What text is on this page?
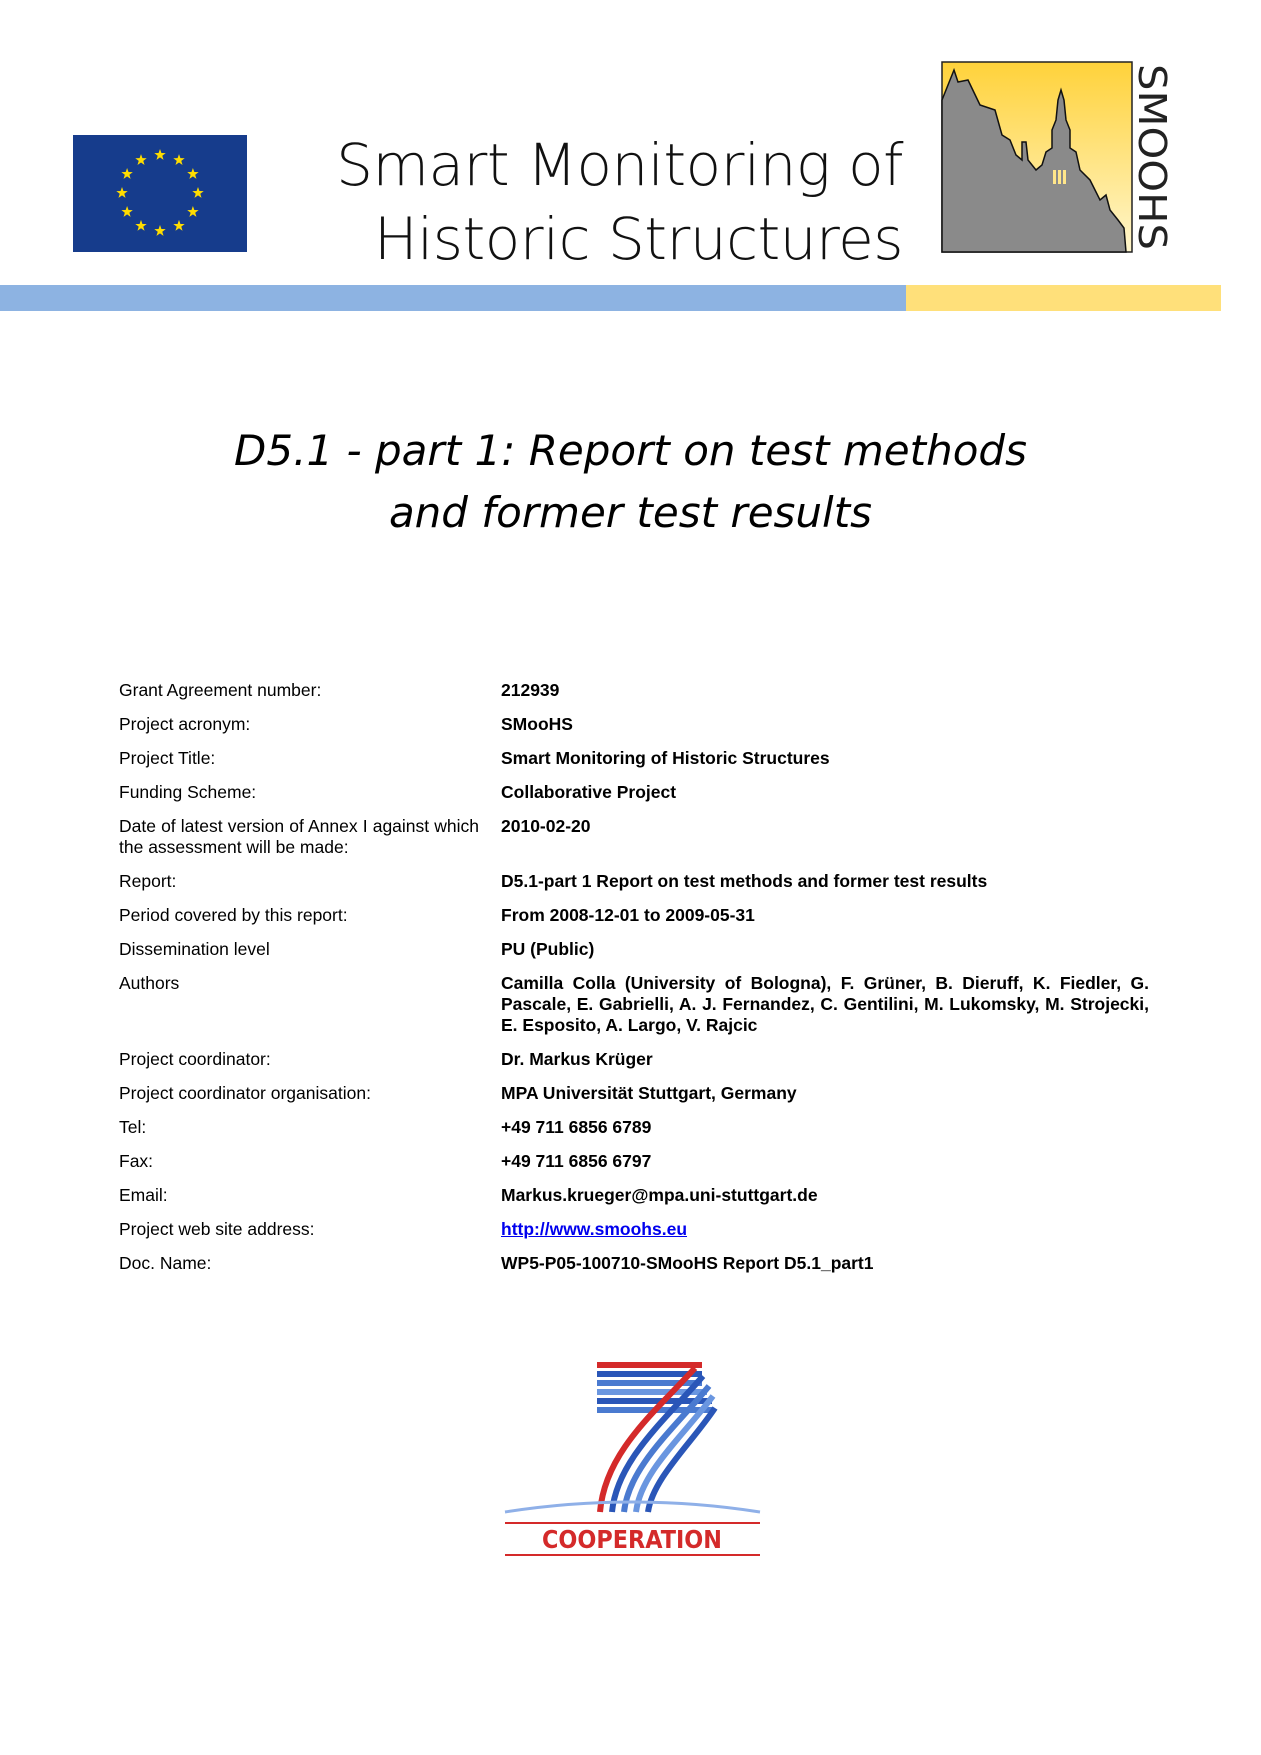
Smart Monitoring of
Historic Structures
SMOOHS
D5.1 - part 1: Report on test methods
and former test results
Grant Agreement number:	212939
Project acronym:	SMooHS
Project Title:	Smart Monitoring of Historic Structures
Funding Scheme:	Collaborative Project
Date of latest version of Annex I against which the assessment will be made:	2010-02-20
Report:	D5.1-part 1 Report on test methods and former test results
Period covered by this report:	From 2008-12-01 to 2009-05-31
Dissemination level	PU (Public)
Authors	Camilla Colla (University of Bologna), F. Grüner, B. Dieruff, K. Fiedler, G. Pascale, E. Gabrielli, A. J. Fernandez, C. Gentilini, M. Lukomsky, M. Strojecki, E. Esposito, A. Largo, V. Rajcic
Project coordinator:	Dr. Markus Krüger
Project coordinator organisation:	MPA Universität Stuttgart, Germany
Tel:	+49 711 6856 6789
Fax:	+49 711 6856 6797
Email:	Markus.krueger@mpa.uni-stuttgart.de
Project web site address:	http://www.smoohs.eu
Doc. Name:	WP5-P05-100710-SMooHS Report D5.1_part1
COOPERATION
